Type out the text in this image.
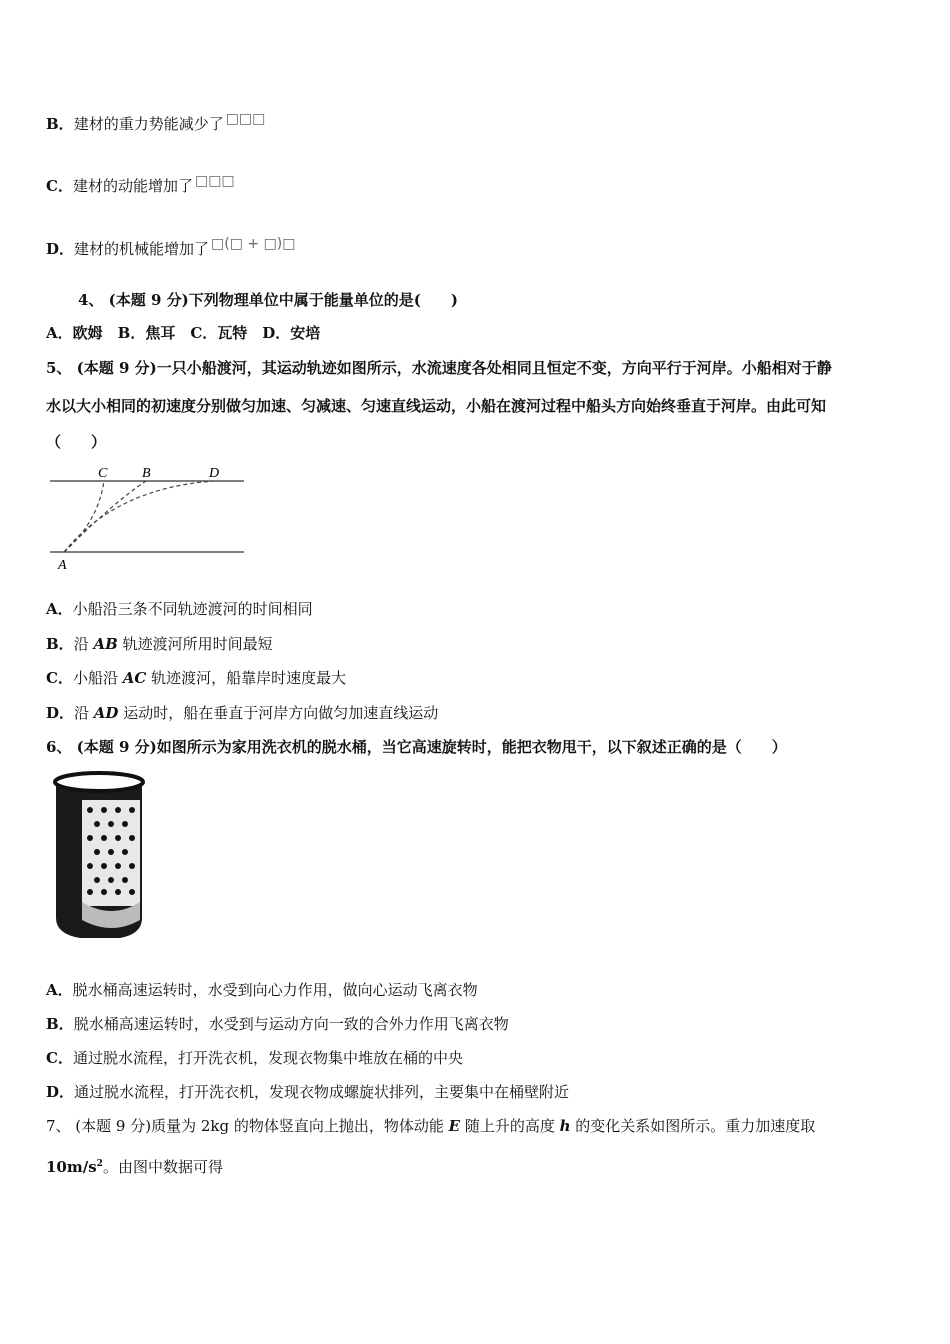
B．建材的重力势能减少了 □□□
C．建材的动能增加了 □□□
D．建材的机械能增加了 □(□ + □)□
4、 (本题 9 分)下列物理单位中属于能量单位的是(　　)
A．欧姆　B．焦耳　C．瓦特　D．安培
5、 (本题 9 分)一只小船渡河，其运动轨迹如图所示，水流速度各处相同且恒定不变，方向平行于河岸。小船相对于静
水以大小相同的初速度分别做匀加速、匀减速、匀速直线运动，小船在渡河过程中船头方向始终垂直于河岸。由此可知
（　　）
C B	D
A
A．小船沿三条不同轨迹渡河的时间相同
B．沿 AB 轨迹渡河所用时间最短
C．小船沿 AC 轨迹渡河，船靠岸时速度最大
D．沿 AD 运动时，船在垂直于河岸方向做匀加速直线运动
6、 (本题 9 分)如图所示为家用洗衣机的脱水桶，当它高速旋转时，能把衣物甩干，以下叙述正确的是（　　）
A．脱水桶高速运转时，水受到向心力作用，做向心运动飞离衣物
B．脱水桶高速运转时，水受到与运动方向一致的合外力作用飞离衣物
C．通过脱水流程，打开洗衣机，发现衣物集中堆放在桶的中央
D．通过脱水流程，打开洗衣机，发现衣物成螺旋状排列，主要集中在桶壁附近
7、 (本题 9 分)质量为 2kg 的物体竖直向上抛出，物体动能 E 随上升的高度 h 的变化关系如图所示。重力加速度取
$10m/s^2$。由图中数据可得
